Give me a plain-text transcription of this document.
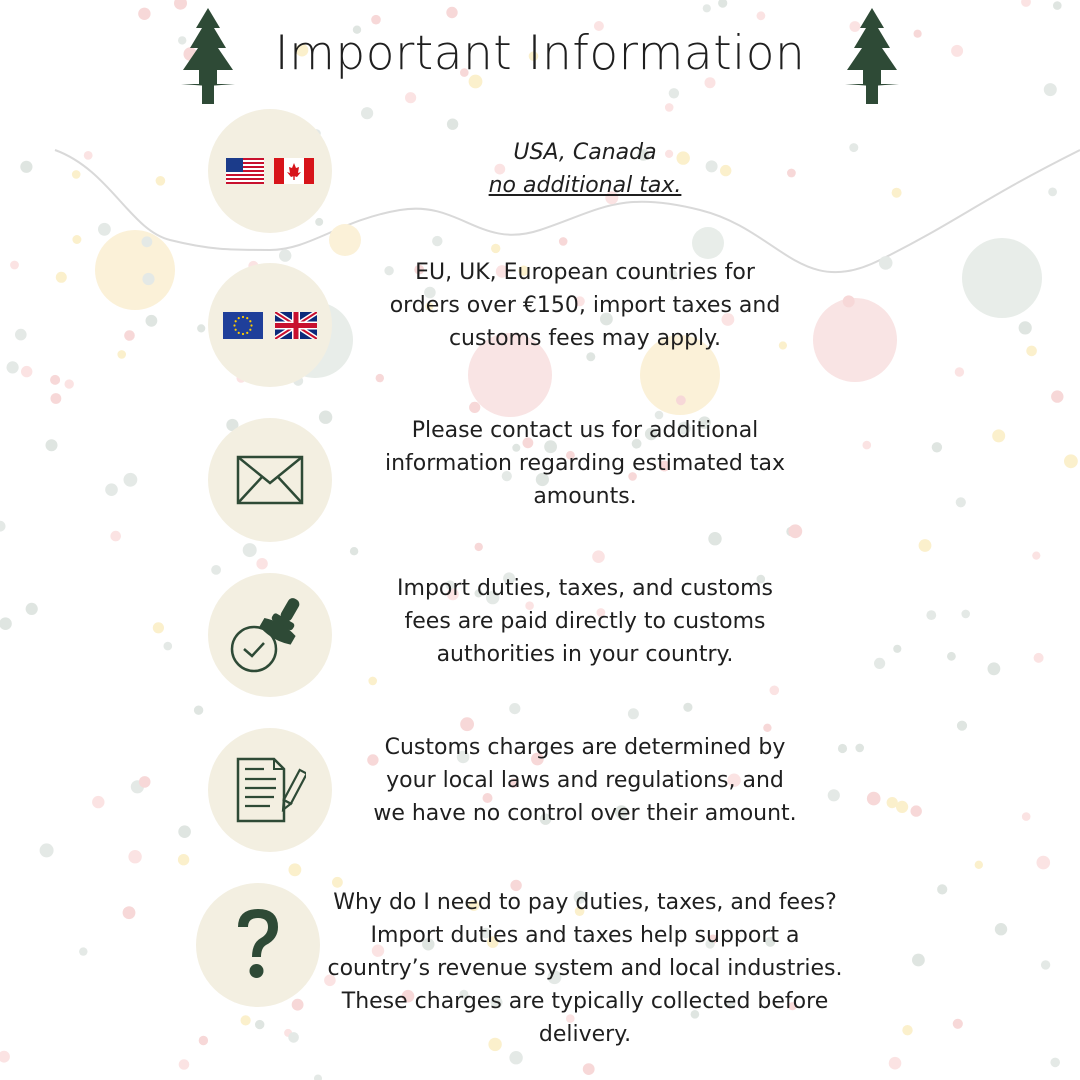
Important Information
USA, Canada
no additional tax.
EU, UK, European countries for
orders over €150, import taxes and
customs fees may apply.
Please contact us for additional
information regarding estimated tax
amounts.
Import duties, taxes, and customs
fees are paid directly to customs
authorities in your country.
Customs charges are determined by
your local laws and regulations, and
we have no control over their amount.
Why do I need to pay duties, taxes, and fees?
Import duties and taxes help support a
country’s revenue system and local industries.
These charges are typically collected before
delivery.
